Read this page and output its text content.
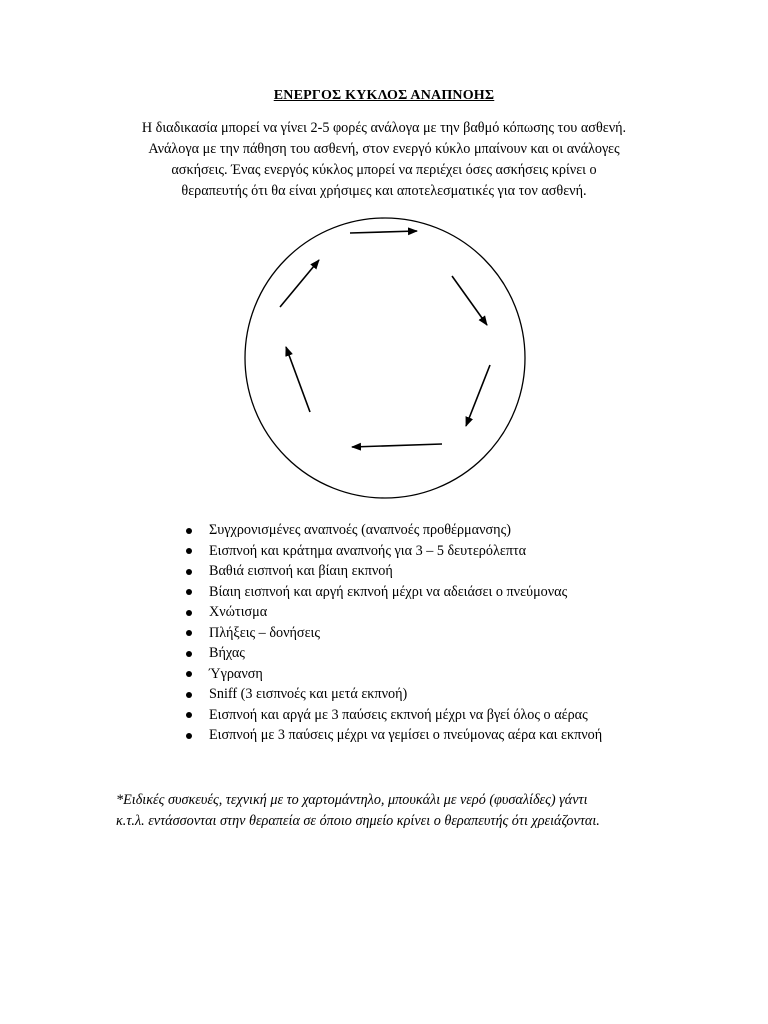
ΕΝΕΡΓΟΣ ΚΥΚΛΟΣ ΑΝΑΠΝΟΗΣ
Η διαδικασία μπορεί να γίνει 2-5 φορές ανάλογα με την βαθμό κόπωσης του ασθενή.
Ανάλογα με την πάθηση του ασθενή, στον ενεργό κύκλο μπαίνουν και οι ανάλογες
ασκήσεις. Ένας ενεργός κύκλος μπορεί να περιέχει όσες ασκήσεις κρίνει ο
θεραπευτής ότι θα είναι χρήσιμες και αποτελεσματικές για τον ασθενή.
Συγχρονισμένες αναπνοές (αναπνοές προθέρμανσης)
Εισπνοή και κράτημα αναπνοής για 3 – 5 δευτερόλεπτα
Βαθιά εισπνοή και βίαιη εκπνοή
Βίαιη εισπνοή και αργή εκπνοή μέχρι να αδειάσει ο πνεύμονας
Χνώτισμα
Πλήξεις – δονήσεις
Βήχας
Ύγρανση
Sniff (3 εισπνοές και μετά εκπνοή)
Εισπνοή και αργά με 3 παύσεις εκπνοή μέχρι να βγεί όλος ο αέρας
Εισπνοή με 3 παύσεις μέχρι να γεμίσει ο πνεύμονας αέρα και εκπνοή

*Ειδικές συσκευές, τεχνική με το χαρτομάντηλο, μπουκάλι με νερό (φυσαλίδες) γάντι

κ.τ.λ. εντάσσονται στην θεραπεία σε όποιο σημείο κρίνει ο θεραπευτής ότι χρειάζονται.
